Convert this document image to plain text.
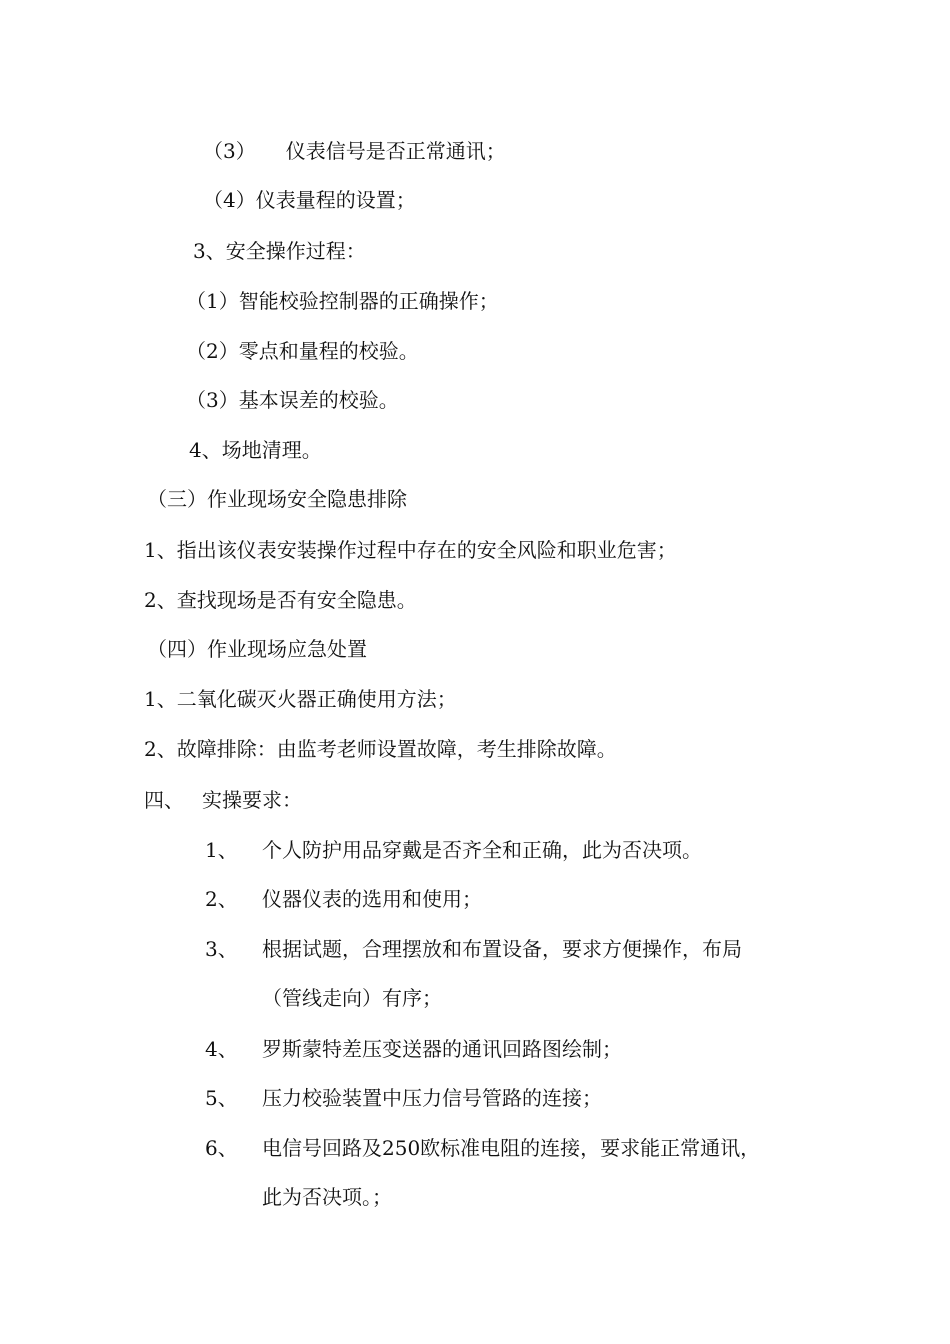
（3） 仪表信号是否正常通讯；
（4）仪表量程的设置；
3、安全操作过程：
（1）智能校验控制器的正确操作；
（2）零点和量程的校验。
（3）基本误差的校验。
4、场地清理。
（三）作业现场安全隐患排除
1、指出该仪表安装操作过程中存在的安全风险和职业危害；
2、查找现场是否有安全隐患。
（四）作业现场应急处置
1、二氧化碳灭火器正确使用方法；
2、故障排除：由监考老师设置故障，考生排除故障。
四、 实操要求：
1、 个人防护用品穿戴是否齐全和正确，此为否决项。
2、 仪器仪表的选用和使用；
3、 根据试题，合理摆放和布置设备，要求方便操作，布局
（管线走向）有序；
4、 罗斯蒙特差压变送器的通讯回路图绘制；
5、 压力校验装置中压力信号管路的连接；
6、 电信号回路及250欧标准电阻的连接，要求能正常通讯，
此为否决项。；
